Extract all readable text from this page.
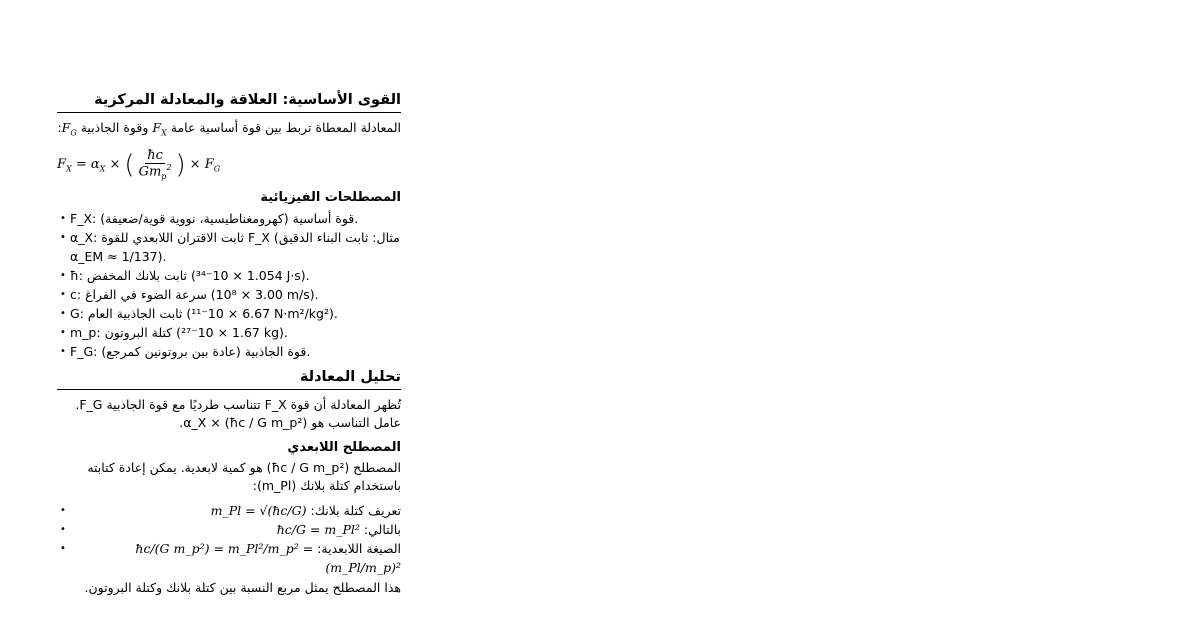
القوى الأساسية: العلاقة والمعادلة المركزية

المعادلة المعطاة تربط بين قوة أساسية عامة $F_X$ وقوة الجاذبية $F_G$:

$F_X = \alpha_X$ × ( $\frac{ħc}{Gm_p^2}$ ) × $F_G$
المصطلحات الفيزيائية
• F_X: قوة أساسية (كهرومغناطيسية، نووية قوية/ضعيفة).
• α_X: ثابت الاقتران اللابعدي للقوة F_X (مثال: ثابت البناء الدقيق α_EM ≈ 1/137).
• ħ: ثابت بلانك المخفض (1.054 × 10⁻³⁴ J·s).
• c: سرعة الضوء في الفراغ (3.00 × 10⁸ m/s).
• G: ثابت الجاذبية العام (6.67 × 10⁻¹¹ N·m²/kg²).
• m_p: كتلة البروتون (1.67 × 10⁻²⁷ kg).
• F_G: قوة الجاذبية (عادة بين بروتونين كمرجع).
تحليل المعادلة

تُظهر المعادلة أن قوة F_X تتناسب طرديًا مع قوة الجاذبية F_G.

عامل التناسب هو α_X × (ħc / G m_p²).

المصطلح اللابعدي

المصطلح (ħc / G m_p²) هو كمية لابعدية. يمكن إعادة كتابته باستخدام كتلة بلانك (m_Pl):

• تعريف كتلة بلانك: m_Pl = √(ħc/G)
• بالتالي: ħc/G = m_Pl²
• الصيغة اللابعدية: ħc/(G m_p²) = m_Pl²/m_p² = (m_Pl/m_p)²

هذا المصطلح يمثل مربع النسبة بين كتلة بلانك وكتلة البروتون.
